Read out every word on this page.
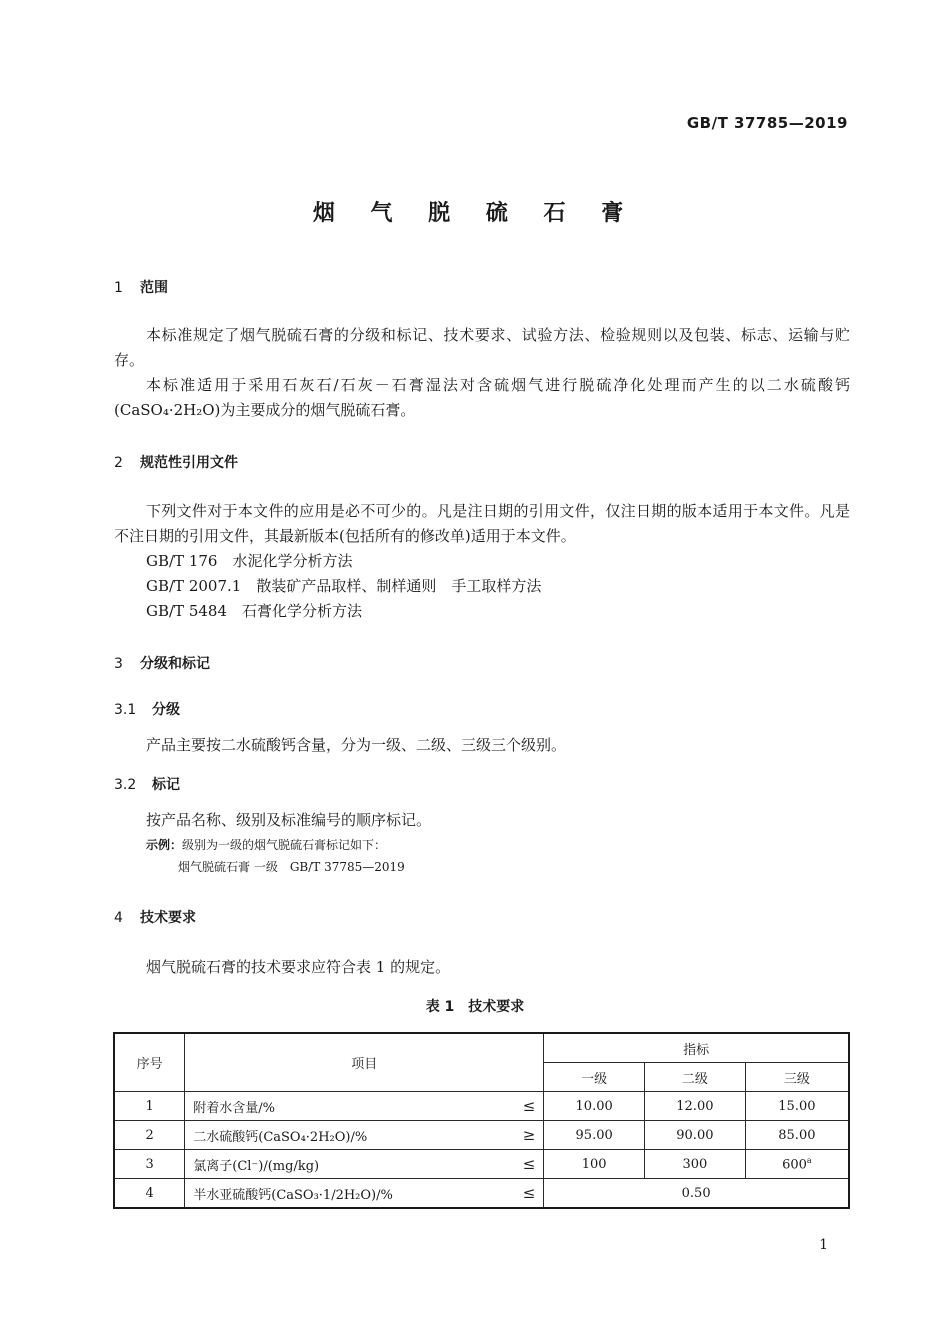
GB/T 37785—2019
烟 气 脱 硫 石 膏
1 范围
本标准规定了烟气脱硫石膏的分级和标记、技术要求、试验方法、检验规则以及包装、标志、运输与贮存。
本标准适用于采用石灰石/石灰－石膏湿法对含硫烟气进行脱硫净化处理而产生的以二水硫酸钙(CaSO₄·2H₂O)为主要成分的烟气脱硫石膏。
2 规范性引用文件
下列文件对于本文件的应用是必不可少的。凡是注日期的引用文件，仅注日期的版本适用于本文件。凡是不注日期的引用文件，其最新版本(包括所有的修改单)适用于本文件。
GB/T 176　 水泥化学分析方法
GB/T 2007.1　 散装矿产品取样、制样通则　手工取样方法
GB/T 5484　 石膏化学分析方法
3 分级和标记
3.1 分级
产品主要按二水硫酸钙含量，分为一级、二级、三级三个级别。
3.2 标记
按产品名称、级别及标准编号的顺序标记。
示例：级别为一级的烟气脱硫石膏标记如下：
烟气脱硫石膏 一级　GB/T 37785—2019
4 技术要求
烟气脱硫石膏的技术要求应符合表 1 的规定。
表 1　技术要求
序号	项目	指标		
		一级	二级	三级
1	附着水含量/% ≤	10.00	12.00	15.00
2	二水硫酸钙(CaSO₄·2H₂O)/% ≥	95.00	90.00	85.00
3	氯离子(Cl⁻)/(mg/kg) ≤	100	300	600$^a$
4	半水亚硫酸钙(CaSO₃·1/2H₂O)/% ≤	0.50		
1
